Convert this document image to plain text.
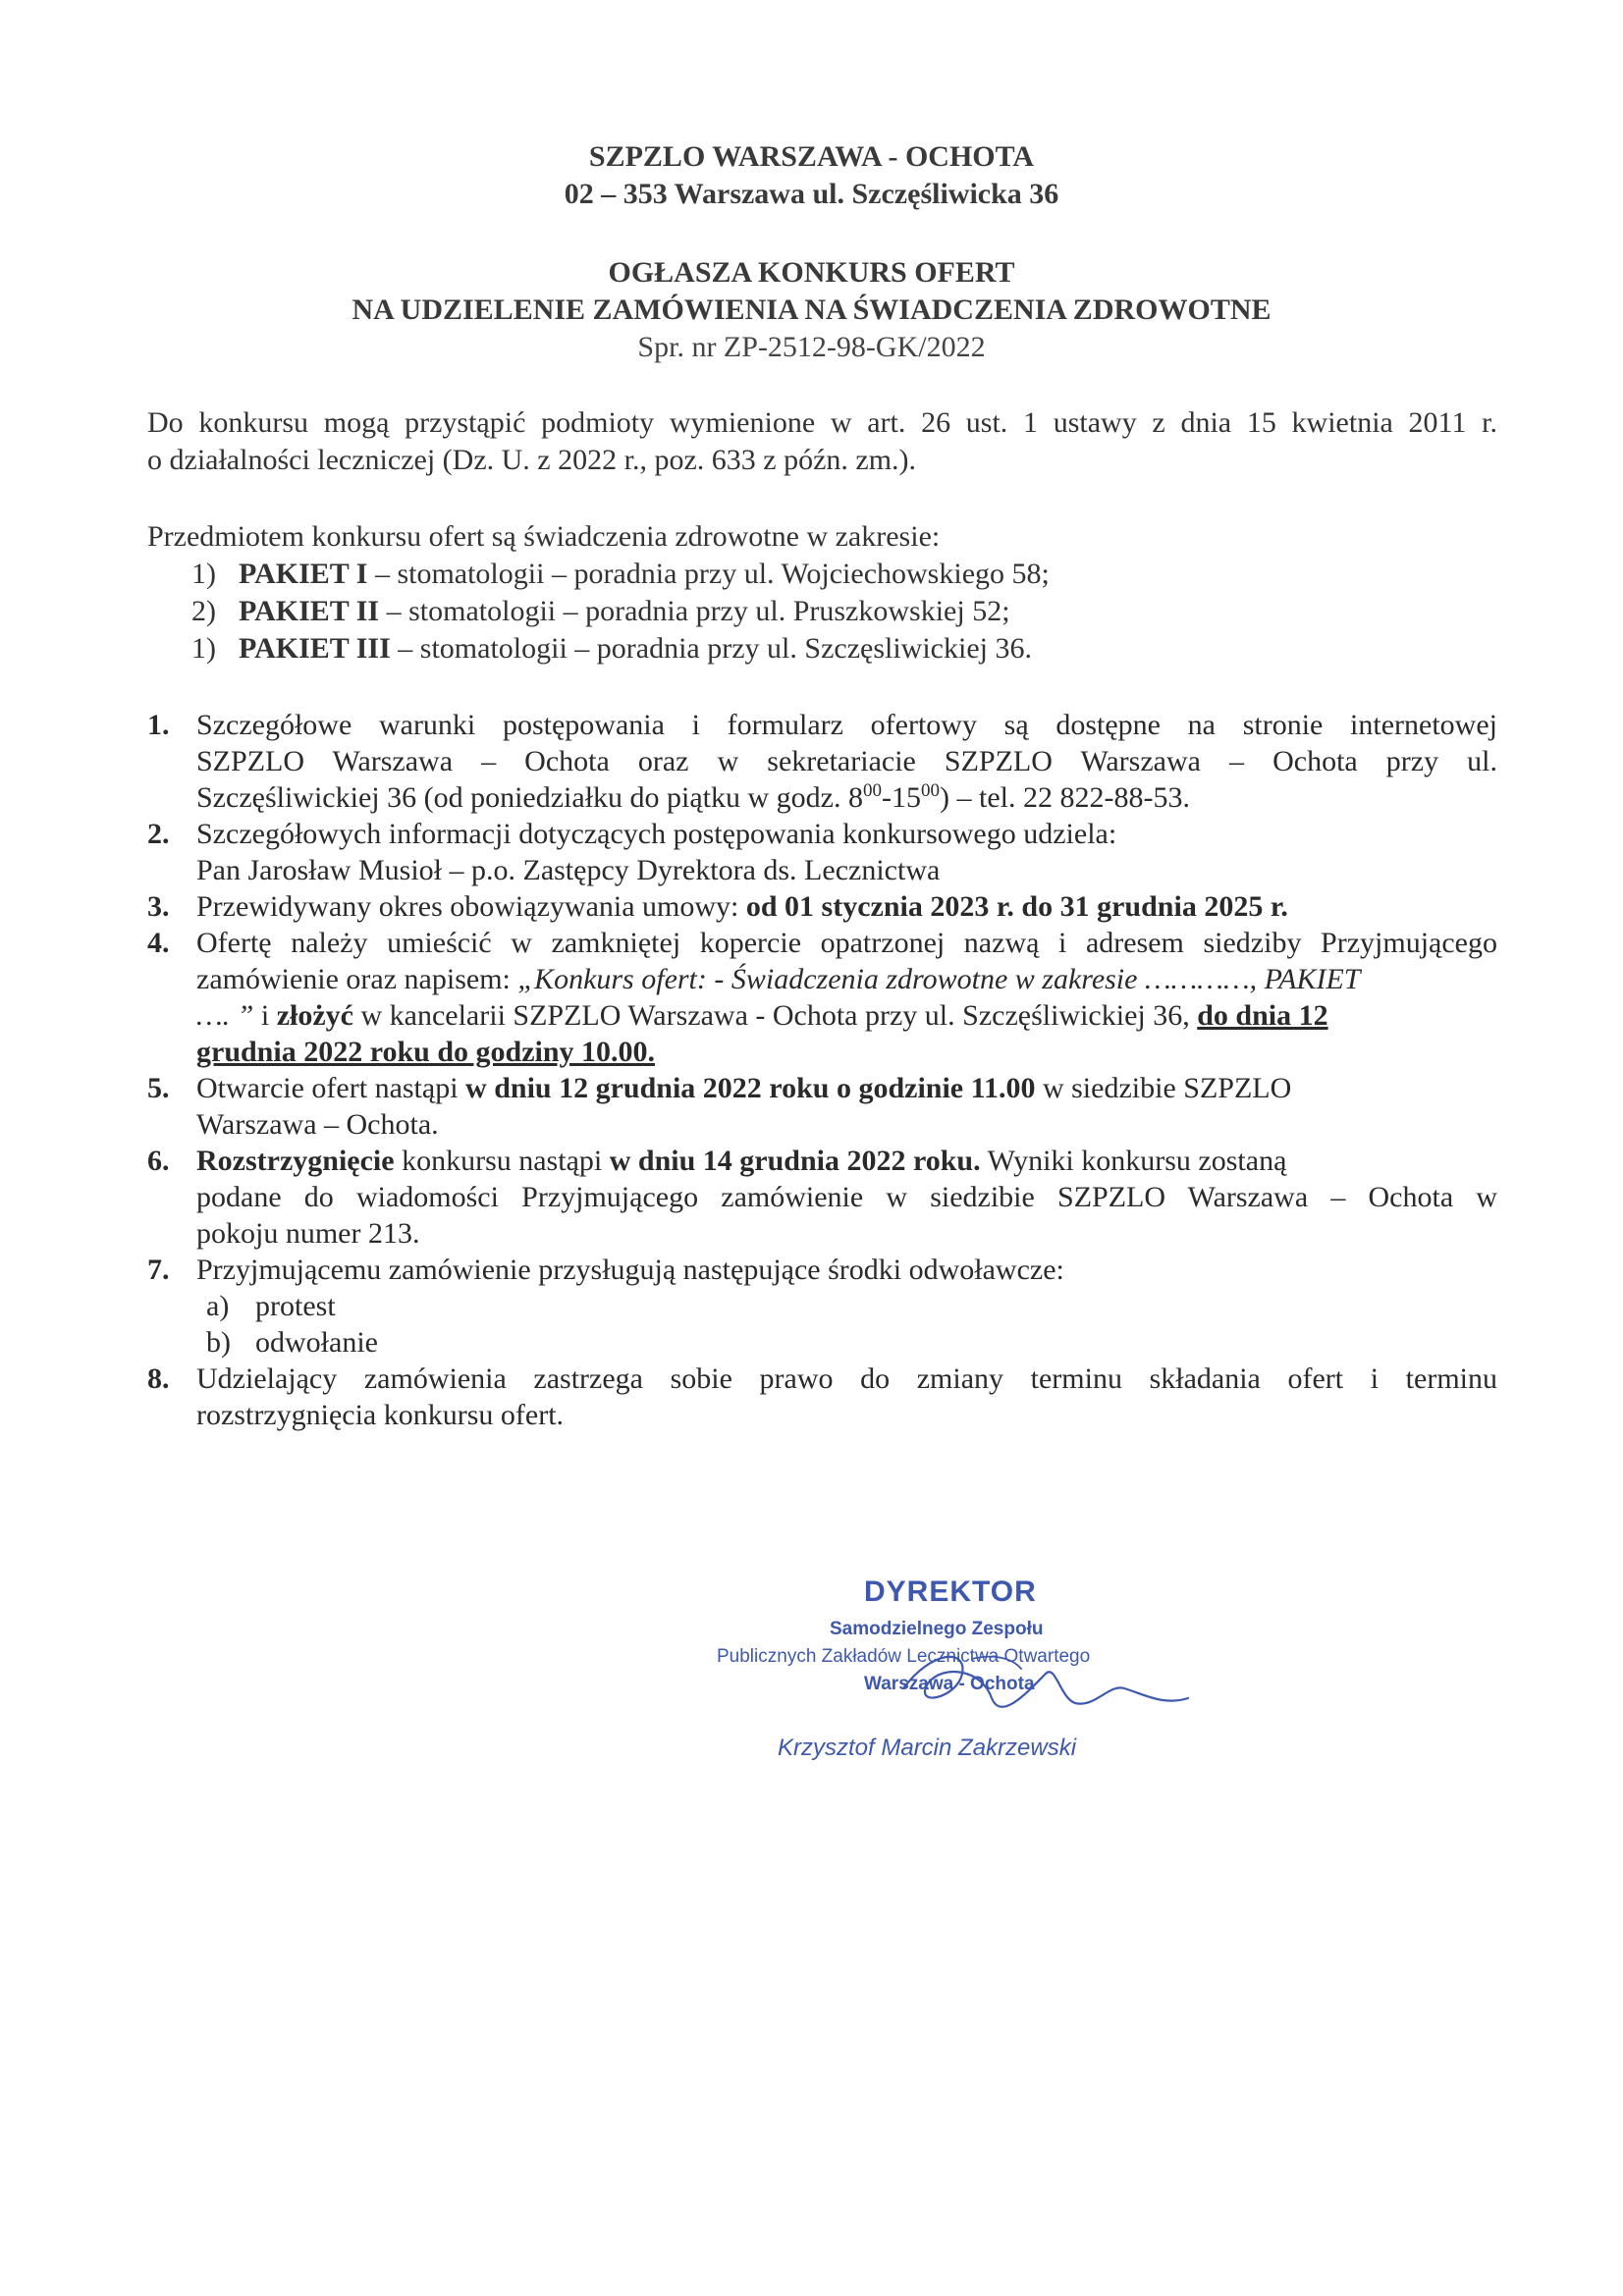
SZPZLO WARSZAWA - OCHOTA
02 – 353 Warszawa ul. Szczęśliwicka 36
OGŁASZA KONKURS OFERT
NA UDZIELENIE ZAMÓWIENIA NA ŚWIADCZENIA ZDROWOTNE
Spr. nr ZP-2512-98-GK/2022
Do konkursu mogą przystąpić podmioty wymienione w art. 26 ust. 1 ustawy z dnia 15 kwietnia 2011 r.
o działalności leczniczej (Dz. U. z 2022 r., poz. 633 z późn. zm.).
Przedmiotem konkursu ofert są świadczenia zdrowotne w zakresie:
1) PAKIET I – stomatologii – poradnia przy ul. Wojciechowskiego 58;
2) PAKIET II – stomatologii – poradnia przy ul. Pruszkowskiej 52;
1) PAKIET III – stomatologii – poradnia przy ul. Szczęsliwickiej 36.
1. Szczegółowe warunki postępowania i formularz ofertowy są dostępne na stronie internetowej
SZPZLO Warszawa – Ochota oraz w sekretariacie SZPZLO Warszawa – Ochota przy ul.
Szczęśliwickiej 36 (od poniedziałku do piątku w godz. $8^{00}-15^{00}$) – tel. 22 822-88-53.
2. Szczegółowych informacji dotyczących postępowania konkursowego udziela:
Pan Jarosław Musioł – p.o. Zastępcy Dyrektora ds. Lecznictwa
3. Przewidywany okres obowiązywania umowy: od 01 stycznia 2023 r. do 31 grudnia 2025 r.
4. Ofertę należy umieścić w zamkniętej kopercie opatrzonej nazwą i adresem siedziby Przyjmującego
zamówienie oraz napisem: „Konkurs ofert: - Świadczenia zdrowotne w zakresie …………, PAKIET
…. ” i złożyć w kancelarii SZPZLO Warszawa - Ochota przy ul. Szczęśliwickiej 36, do dnia 12
grudnia 2022 roku do godziny 10.00.
5. Otwarcie ofert nastąpi w dniu 12 grudnia 2022 roku o godzinie 11.00 w siedzibie SZPZLO
Warszawa – Ochota.
6. Rozstrzygnięcie konkursu nastąpi w dniu 14 grudnia 2022 roku. Wyniki konkursu zostaną
podane do wiadomości Przyjmującego zamówienie w siedzibie SZPZLO Warszawa – Ochota w
pokoju numer 213.
7. Przyjmującemu zamówienie przysługują następujące środki odwoławcze:
a) protest
b) odwołanie
8. Udzielający zamówienia zastrzega sobie prawo do zmiany terminu składania ofert i terminu
rozstrzygnięcia konkursu ofert.
DYREKTOR
Samodzielnego Zespołu
Publicznych Zakładów Lecznictwa Otwartego
Warszawa - Ochota
Krzysztof Marcin Zakrzewski
